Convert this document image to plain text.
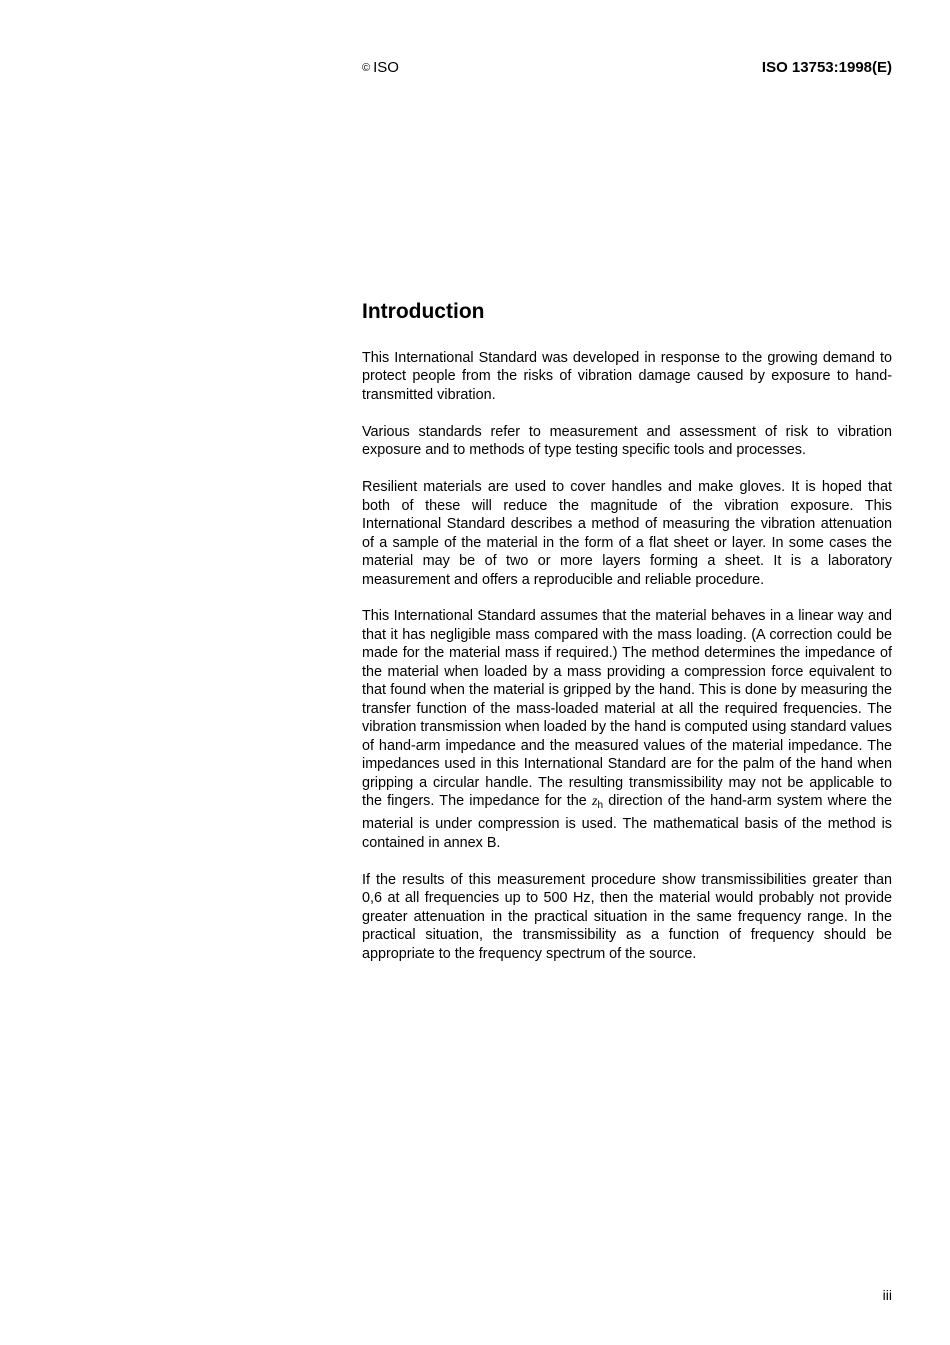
© ISO	ISO 13753:1998(E)
Introduction

This International Standard was developed in response to the growing demand to protect people from the risks of vibration damage caused by exposure to hand-transmitted vibration.

Various standards refer to measurement and assessment of risk to vibration exposure and to methods of type testing specific tools and processes.

Resilient materials are used to cover handles and make gloves. It is hoped that both of these will reduce the magnitude of the vibration exposure. This International Standard describes a method of measuring the vibration attenuation of a sample of the material in the form of a flat sheet or layer. In some cases the material may be of two or more layers forming a sheet. It is a laboratory measurement and offers a reproducible and reliable procedure.

This International Standard assumes that the material behaves in a linear way and that it has negligible mass compared with the mass loading. (A correction could be made for the material mass if required.) The method determines the impedance of the material when loaded by a mass providing a compression force equivalent to that found when the material is gripped by the hand. This is done by measuring the transfer function of the mass-loaded material at all the required frequencies. The vibration transmission when loaded by the hand is computed using standard values of hand-arm impedance and the measured values of the material impedance. The impedances used in this International Standard are for the palm of the hand when gripping a circular handle. The resulting transmissibility may not be applicable to the fingers. The impedance for the $z_h$ direction of the hand-arm system where the material is under compression is used. The mathematical basis of the method is contained in annex B.

If the results of this measurement procedure show transmissibilities greater than 0,6 at all frequencies up to 500 Hz, then the material would probably not provide greater attenuation in the practical situation in the same frequency range. In the practical situation, the transmissibility as a function of frequency should be appropriate to the frequency spectrum of the source.

iii
